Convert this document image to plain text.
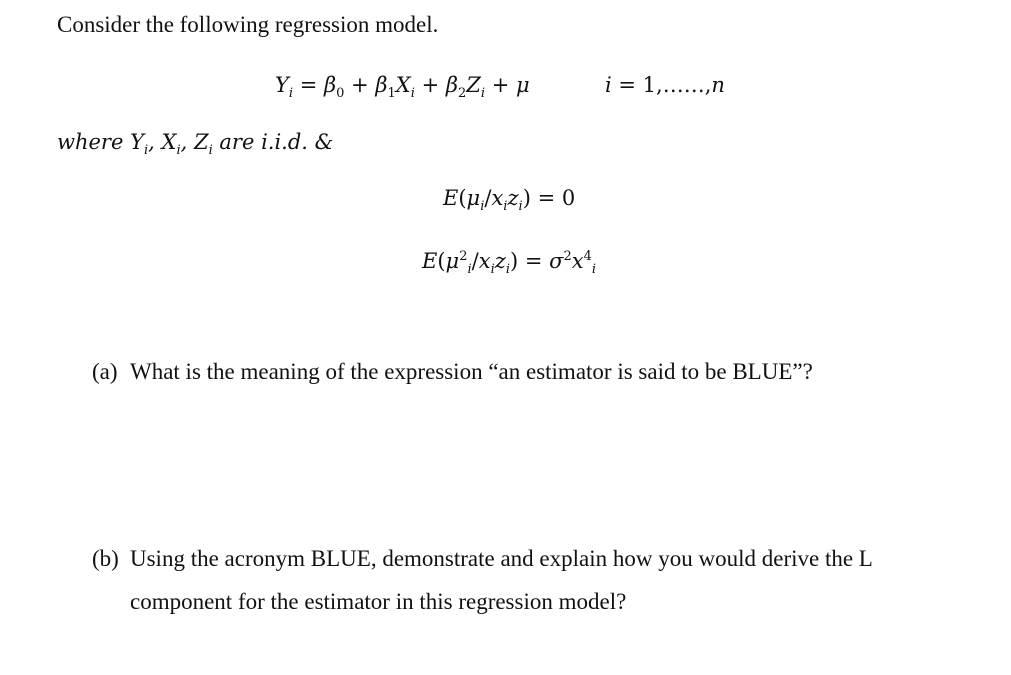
Consider the following regression model.
$Y_i = \beta_0 + \beta_1X_i + \beta_2Z_i + \mu$	i = 1,……,n
where $Y_i$, $X_i$, $Z_i$ are i.i.d. &
$E(\mu_i/x_iz_i) = 0$
$E(\mu^2_i/x_iz_i) = \sigma^2x^4_i$
(a) What is the meaning of the expression “an estimator is said to be BLUE”?
(b) Using the acronym BLUE, demonstrate and explain how you would derive the L
component for the estimator in this regression model?
